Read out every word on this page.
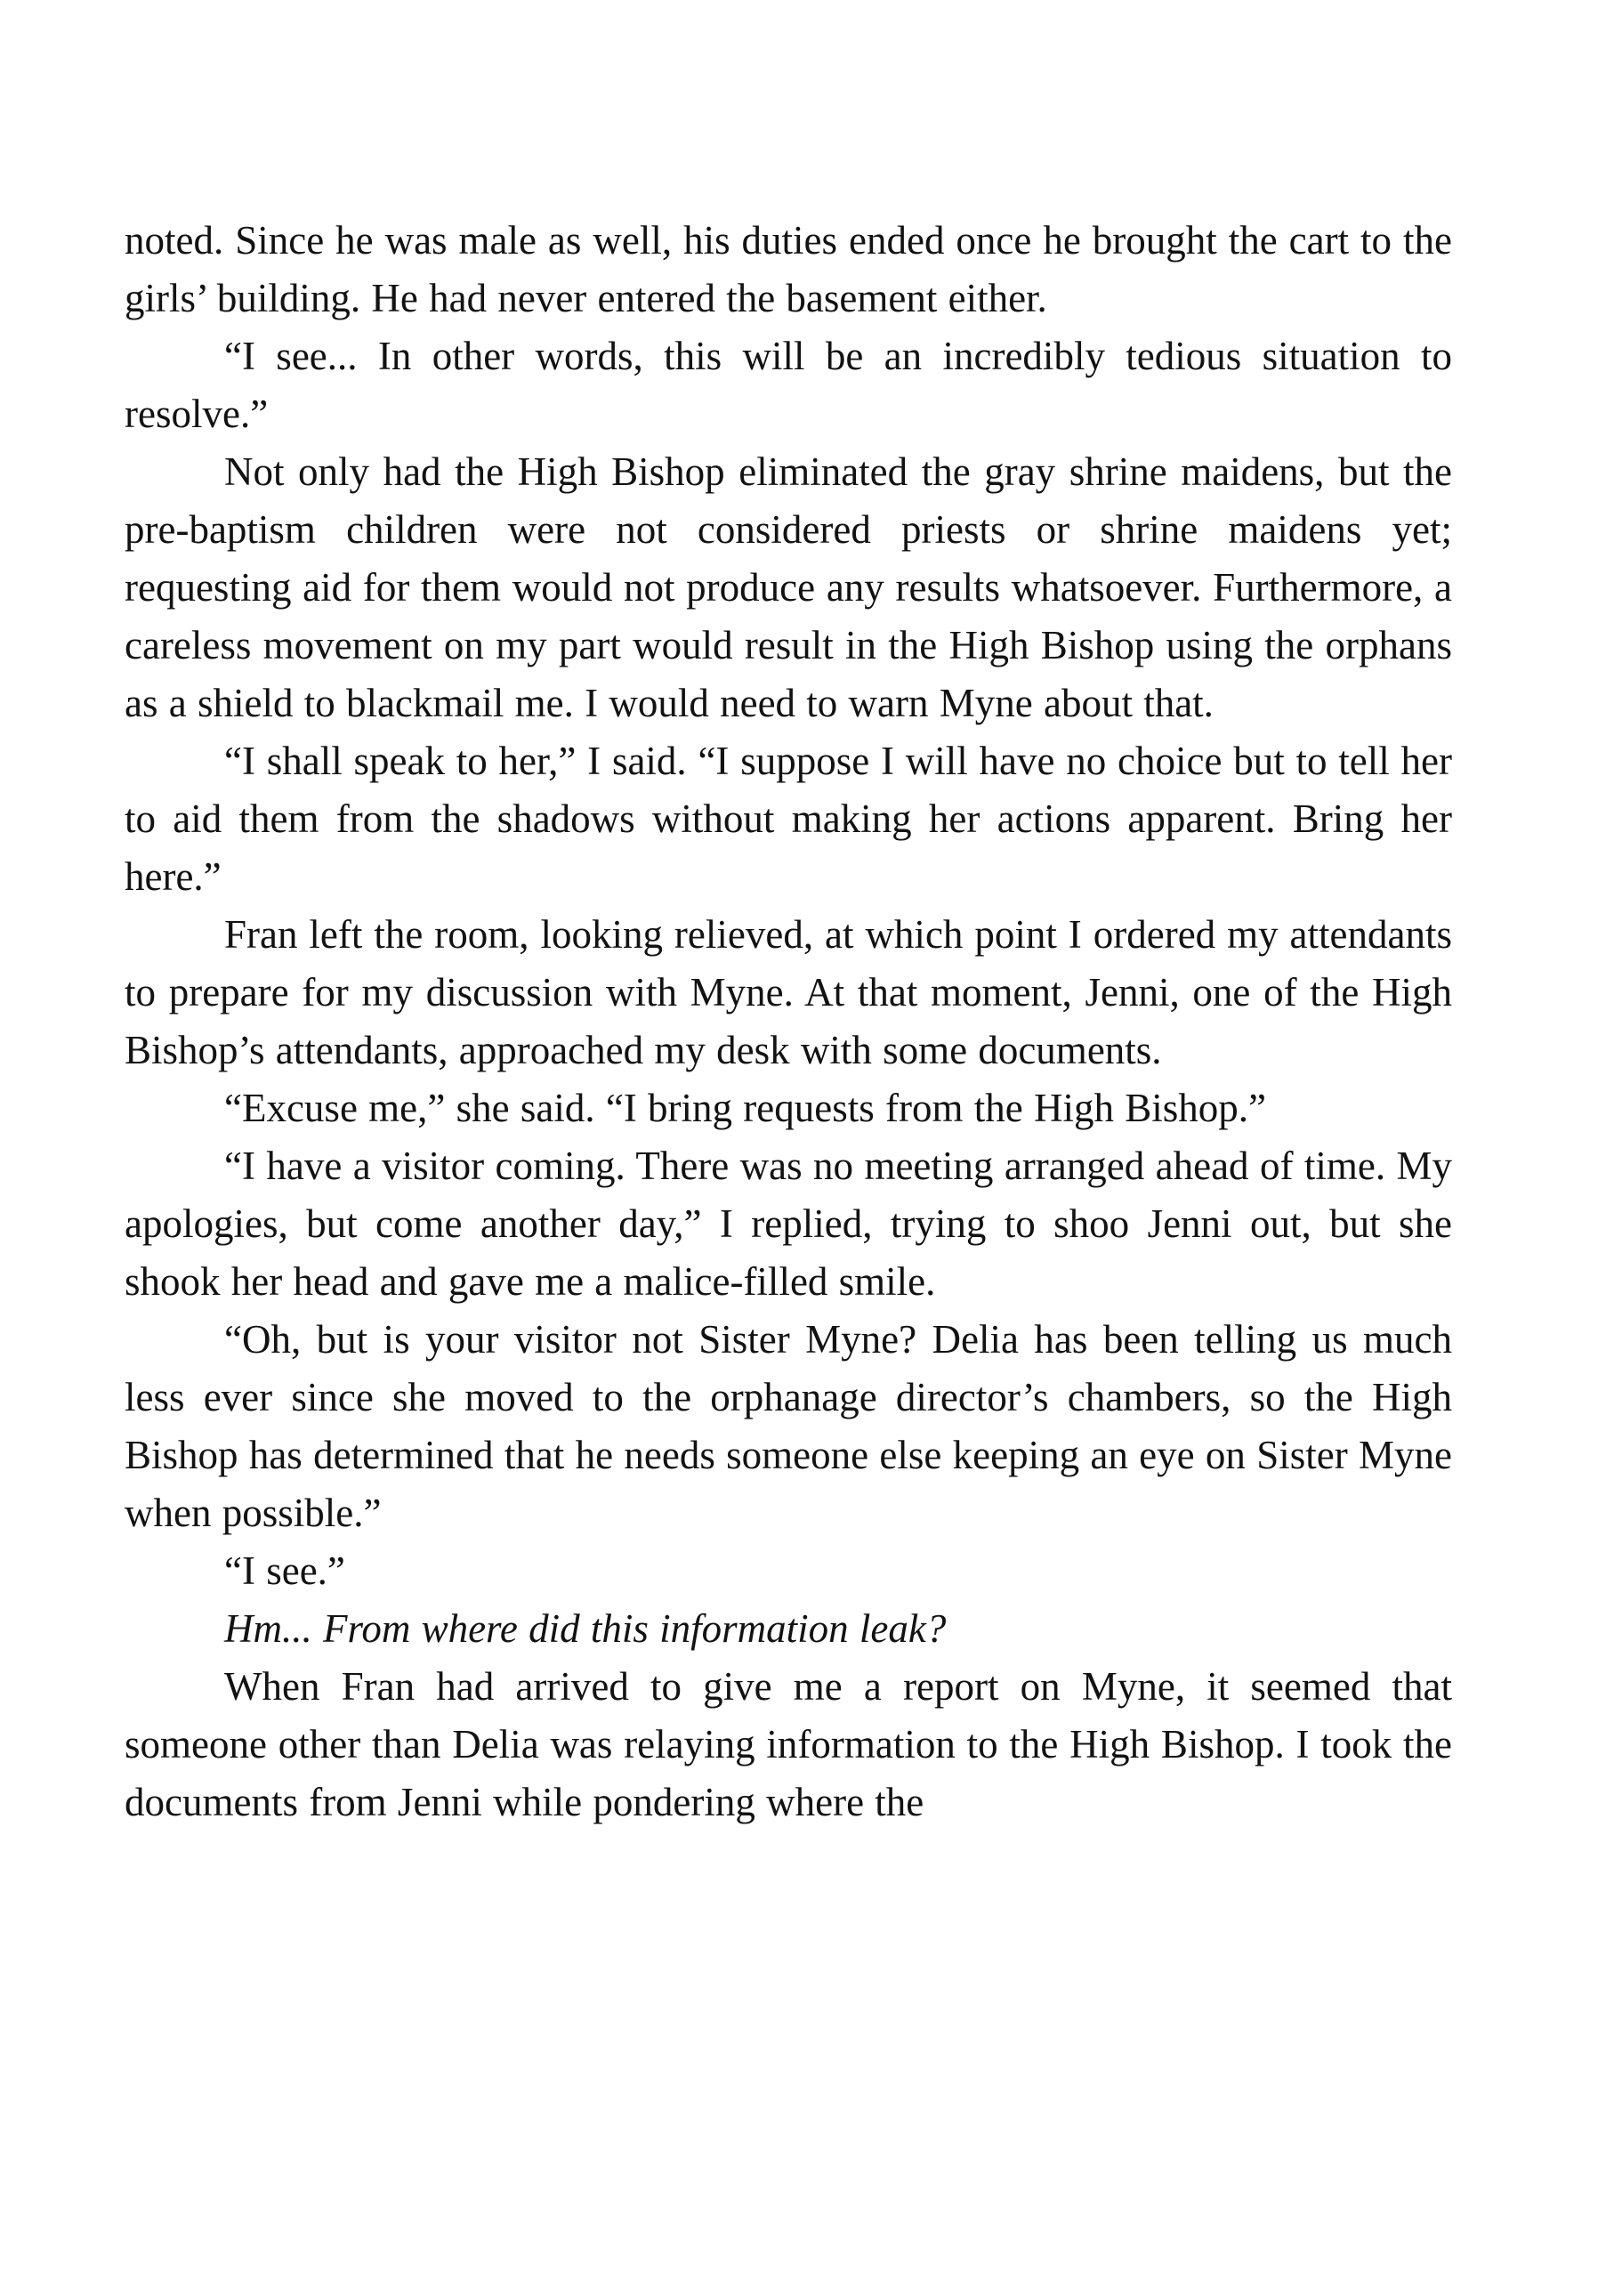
noted. Since he was male as well, his duties ended once he brought the cart to the girls’ building. He had never entered the basement either.

“I see... In other words, this will be an incredibly tedious situation to resolve.”

Not only had the High Bishop eliminated the gray shrine maidens, but the pre-baptism children were not considered priests or shrine maidens yet; requesting aid for them would not produce any results whatsoever. Furthermore, a careless movement on my part would result in the High Bishop using the orphans as a shield to blackmail me. I would need to warn Myne about that.

“I shall speak to her,” I said. “I suppose I will have no choice but to tell her to aid them from the shadows without making her actions apparent. Bring her here.”

Fran left the room, looking relieved, at which point I ordered my attendants to prepare for my discussion with Myne. At that moment, Jenni, one of the High Bishop’s attendants, approached my desk with some documents.

“Excuse me,” she said. “I bring requests from the High Bishop.”

“I have a visitor coming. There was no meeting arranged ahead of time. My apologies, but come another day,” I replied, trying to shoo Jenni out, but she shook her head and gave me a malice-filled smile.

“Oh, but is your visitor not Sister Myne? Delia has been telling us much less ever since she moved to the orphanage director’s chambers, so the High Bishop has determined that he needs someone else keeping an eye on Sister Myne when possible.”

“I see.”

Hm... From where did this information leak?

When Fran had arrived to give me a report on Myne, it seemed that someone other than Delia was relaying information to the High Bishop. I took the documents from Jenni while pondering where the
